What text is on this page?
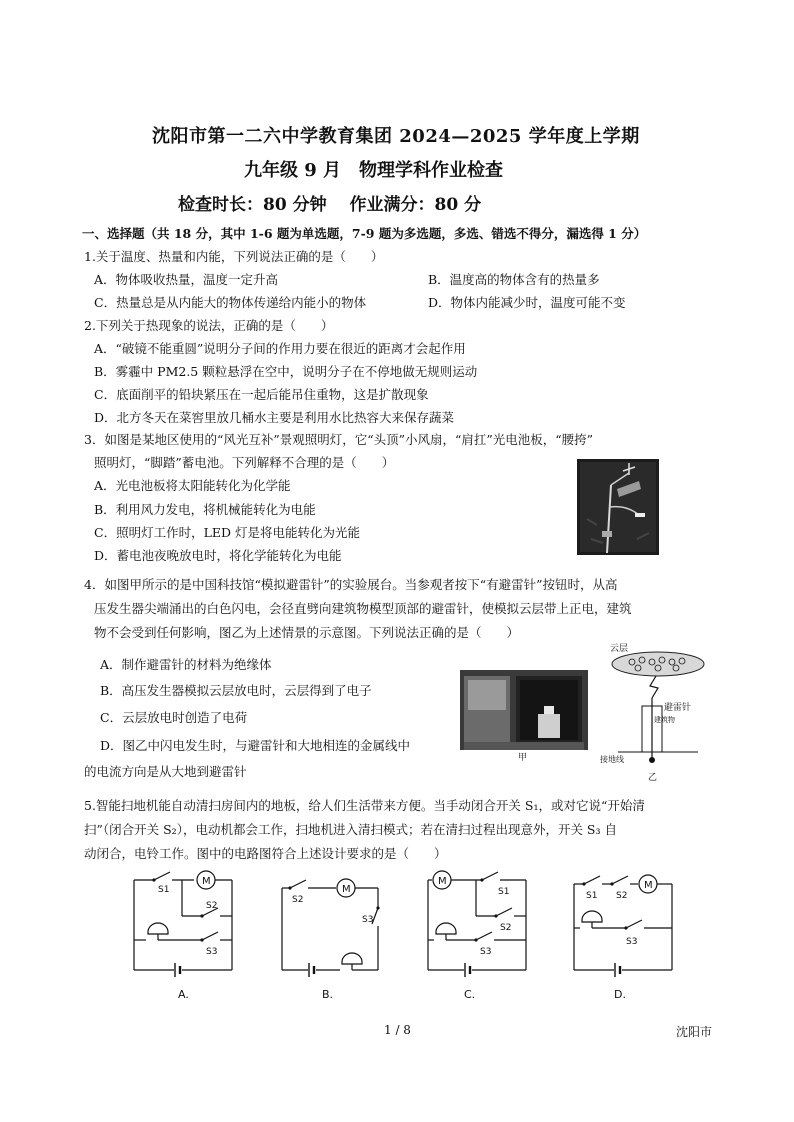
沈阳市第一二六中学教育集团 2024—2025 学年度上学期
九年级 9 月　物理学科作业检查
检查时长：80 分钟　 作业满分：80 分
一、选择题（共 18 分，其中 1-6 题为单选题，7-9 题为多选题，多选、错选不得分，漏选得 1 分）
1.关于温度、热量和内能，下列说法正确的是（　　）
A．物体吸收热量，温度一定升高	B．温度高的物体含有的热量多
C．热量总是从内能大的物体传递给内能小的物体	D．物体内能减少时，温度可能不变
2.下列关于热现象的说法，正确的是（　　）
A．“破镜不能重圆”说明分子间的作用力要在很近的距离才会起作用
B．雾霾中 PM2.5 颗粒悬浮在空中，说明分子在不停地做无规则运动
C．底面削平的铅块紧压在一起后能吊住重物，这是扩散现象
D．北方冬天在菜窖里放几桶水主要是利用水比热容大来保存蔬菜
3．如图是某地区使用的“风光互补”景观照明灯，它“头顶”小风扇，“肩扛”光电池板，“腰挎”
照明灯，“脚踏”蓄电池。下列解释不合理的是（　　）
A．光电池板将太阳能转化为化学能
B．利用风力发电，将机械能转化为电能
C．照明灯工作时，LED 灯是将电能转化为光能
D．蓄电池夜晚放电时，将化学能转化为电能
4．如图甲所示的是中国科技馆“模拟避雷针”的实验展台。当参观者按下“有避雷针”按钮时，从高
压发生器尖端涌出的白色闪电，会径直劈向建筑物模型顶部的避雷针，使模拟云层带上正电，建筑
物不会受到任何影响，图乙为上述情景的示意图。下列说法正确的是（　　）
A．制作避雷针的材料为绝缘体
B．高压发生器模拟云层放电时，云层得到了电子
C．云层放电时创造了电荷
D．图乙中闪电发生时，与避雷针和大地相连的金属线中
的电流方向是从大地到避雷针
甲
云层
避雷针
建筑物
接地线
乙
5.智能扫地机能自动清扫房间内的地板，给人们生活带来方便。当手动闭合开关 S₁，或对它说“开始清
扫”（闭合开关 S₂），电动机都会工作，扫地机进入清扫模式；若在清扫过程出现意外，开关 S₃ 自
动闭合，电铃工作。图中的电路图符合上述设计要求的是（　　）
M
S1
S2
S3
A.
M
S2
S3
B.
M
S1
S2
S3
C.
M
S1 S2
S3
D.
1 / 8	沈阳市
